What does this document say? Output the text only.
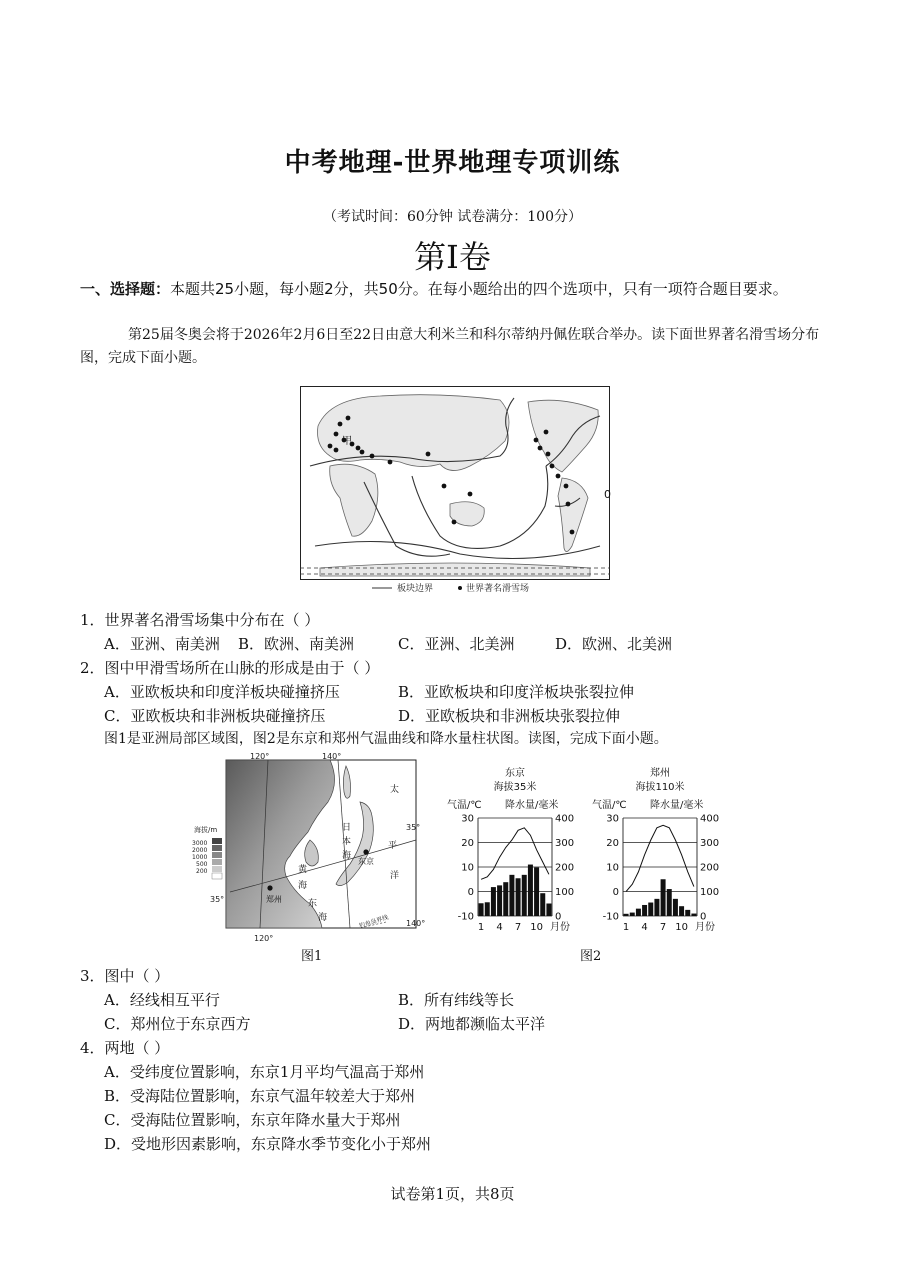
中考地理-世界地理专项训练
（考试时间：60分钟 试卷满分：100分）
第Ⅰ卷
一、选择题：本题共25小题，每小题2分，共50分。在每小题给出的四个选项中，只有一项符合题目要求。
第25届冬奥会将于2026年2月6日至22日由意大利米兰和科尔蒂纳丹佩佐联合举办。读下面世界著名滑雪场分布图，完成下面小题。
甲
0
板块边界	世界著名滑雪场
1．世界著名滑雪场集中分布在（ ）
A．亚洲、南美洲 B．欧洲、南美洲	C．亚洲、北美洲	D．欧洲、北美洲
2．图中甲滑雪场所在山脉的形成是由于（ ）
A．亚欧板块和印度洋板块碰撞挤压	B．亚欧板块和印度洋板块张裂拉伸
C．亚欧板块和非洲板块碰撞挤压	D．亚欧板块和非洲板块张裂拉伸
图1是亚洲局部区域图，图2是东京和郑州气温曲线和降水量柱状图。读图，完成下面小题。
海拔/m
3000
2000
1000
500
200
120°	140°
120°
140°
35°
35°
日
本
海
黄
海
东
海
太
平
洋
东京
郑州
钓鱼岛界线
东京
海拔35米
气温/℃ 降水量/毫米
30
20
10
0
-10
400
300
200
100
0
1 4 7 10 月份
郑州
海拔110米
气温/℃ 降水量/毫米
30
20
10
0
-10
400
300
200
100
0
1 4 7 10 月份
图1	图2
3．图中（ ）
A．经线相互平行	B．所有纬线等长
C．郑州位于东京西方	D．两地都濒临太平洋
4．两地（ ）
A．受纬度位置影响，东京1月平均气温高于郑州
B．受海陆位置影响，东京气温年较差大于郑州
C．受海陆位置影响，东京年降水量大于郑州
D．受地形因素影响，东京降水季节变化小于郑州
试卷第1页，共8页
